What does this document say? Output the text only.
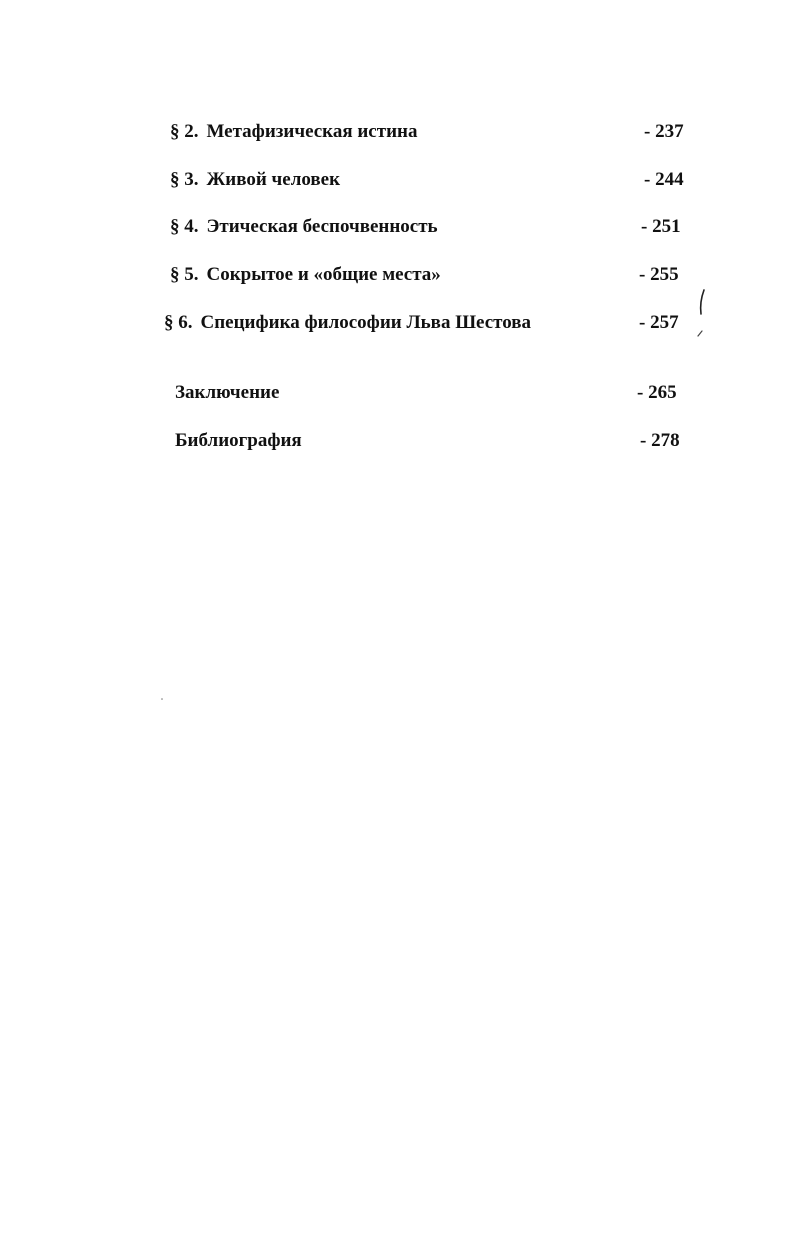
§ 2. Метафизическая истина	- 237
§ 3. Живой человек	- 244
§ 4. Этическая беспочвенность	- 251
§ 5. Сокрытое и «общие места»	- 255
§ 6. Специфика философии Льва Шестова	- 257
Заключение	- 265
Библиография	- 278
